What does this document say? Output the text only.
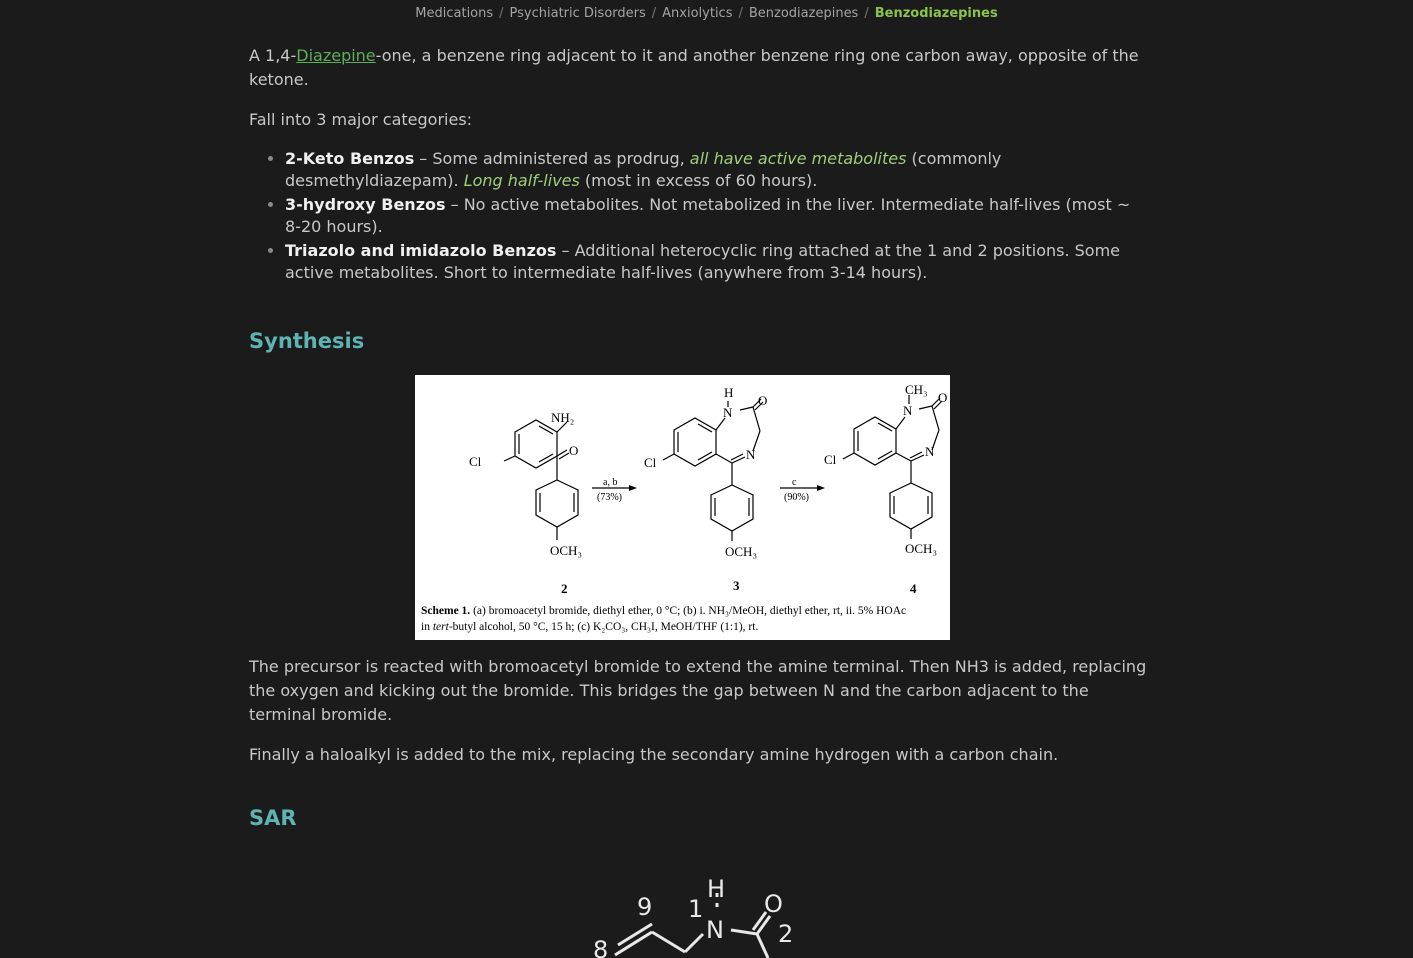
Medications / Psychiatric Disorders / Anxiolytics / Benzodiazepines / Benzodiazepines

A 1,4-Diazepine-one, a benzene ring adjacent to it and another benzene ring one carbon away, opposite of the ketone.

Fall into 3 major categories:

• 2-Keto Benzos – Some administered as prodrug, all have active metabolites (commonly desmethyldiazepam). Long half-lives (most in excess of 60 hours).
• 3-hydroxy Benzos – No active metabolites. Not metabolized in the liver. Intermediate half-lives (most ~ 8-20 hours).
• Triazolo and imidazolo Benzos – Additional heterocyclic ring attached at the 1 and 2 positions. Some active metabolites. Short to intermediate half-lives (anywhere from 3-14 hours).
Synthesis
NH₂
O
Cl
OCH₃
2
a, b
(73%)
H
N
O
N
Cl
OCH₃
3
c
(90%)
CH₃
N
O
N
Cl
OCH₃
4
Scheme 1. (a) bromoacetyl bromide, diethyl ether, 0 °C; (b) i. NH₃/MeOH, diethyl ether, rt, ii. 5% HOAc
in tert-butyl alcohol, 50 °C, 15 h; (c) K₂CO₃, CH₃I, MeOH/THF (1:1), rt.

The precursor is reacted with bromoacetyl bromide to extend the amine terminal. Then NH3 is added, replacing the oxygen and kicking out the bromide. This bridges the gap between N and the carbon adjacent to the terminal bromide.

Finally a haloalkyl is added to the mix, replacing the secondary amine hydrogen with a carbon chain.

SAR
H
N
O
9 1
2
8
